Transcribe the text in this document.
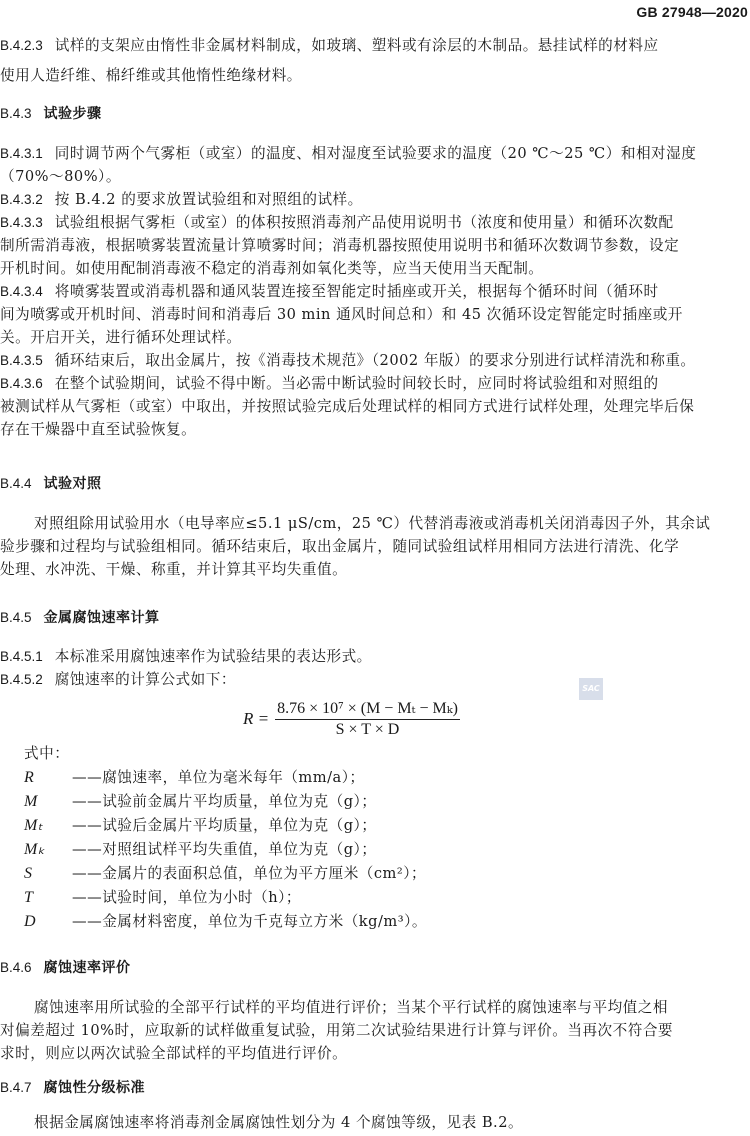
GB 27948—2020
B.4.2.3 试样的支架应由惰性非金属材料制成，如玻璃、塑料或有涂层的木制品。悬挂试样的材料应
使用人造纤维、棉纤维或其他惰性绝缘材料。
B.4.3 试验步骤
B.4.3.1 同时调节两个气雾柜（或室）的温度、相对湿度至试验要求的温度（20 ℃～25 ℃）和相对湿度
（70%～80%）。
B.4.3.2 按 B.4.2 的要求放置试验组和对照组的试样。
B.4.3.3 试验组根据气雾柜（或室）的体积按照消毒剂产品使用说明书（浓度和使用量）和循环次数配
制所需消毒液，根据喷雾装置流量计算喷雾时间；消毒机器按照使用说明书和循环次数调节参数，设定
开机时间。如使用配制消毒液不稳定的消毒剂如氧化类等，应当天使用当天配制。
B.4.3.4 将喷雾装置或消毒机器和通风装置连接至智能定时插座或开关，根据每个循环时间（循环时
间为喷雾或开机时间、消毒时间和消毒后 30 min 通风时间总和）和 45 次循环设定智能定时插座或开
关。开启开关，进行循环处理试样。
B.4.3.5 循环结束后，取出金属片，按《消毒技术规范》（2002 年版）的要求分别进行试样清洗和称重。
B.4.3.6 在整个试验期间，试验不得中断。当必需中断试验时间较长时，应同时将试验组和对照组的
被测试样从气雾柜（或室）中取出，并按照试验完成后处理试样的相同方式进行试样处理，处理完毕后保
存在干燥器中直至试验恢复。
B.4.4 试验对照
对照组除用试验用水（电导率应≤5.1 μS/cm，25 ℃）代替消毒液或消毒机关闭消毒因子外，其余试
验步骤和过程均与试验组相同。循环结束后，取出金属片，随同试验组试样用相同方法进行清洗、化学
处理、水冲洗、干燥、称重，并计算其平均失重值。
B.4.5 金属腐蚀速率计算
B.4.5.1 本标准采用腐蚀速率作为试验结果的表达形式。
B.4.5.2 腐蚀速率的计算公式如下：
SAC
$R = \frac{\text{8.76 × 10⁷ × (M − Mₜ − Mₖ)}}{S \times T \times D}$
式中：
R	——腐蚀速率，单位为毫米每年（mm/a）；
M ——试验前金属片平均质量，单位为克（g）；
Mₜ ——试验后金属片平均质量，单位为克（g）；
Mₖ ——对照组试样平均失重值，单位为克（g）；
S	——金属片的表面积总值，单位为平方厘米（cm²）；
T	——试验时间，单位为小时（h）；
D ——金属材料密度，单位为千克每立方米（kg/m³）。
B.4.6 腐蚀速率评价
腐蚀速率用所试验的全部平行试样的平均值进行评价；当某个平行试样的腐蚀速率与平均值之相
对偏差超过 10%时，应取新的试样做重复试验，用第二次试验结果进行计算与评价。当再次不符合要
求时，则应以两次试验全部试样的平均值进行评价。
B.4.7 腐蚀性分级标准
根据金属腐蚀速率将消毒剂金属腐蚀性划分为 4 个腐蚀等级，见表 B.2。
